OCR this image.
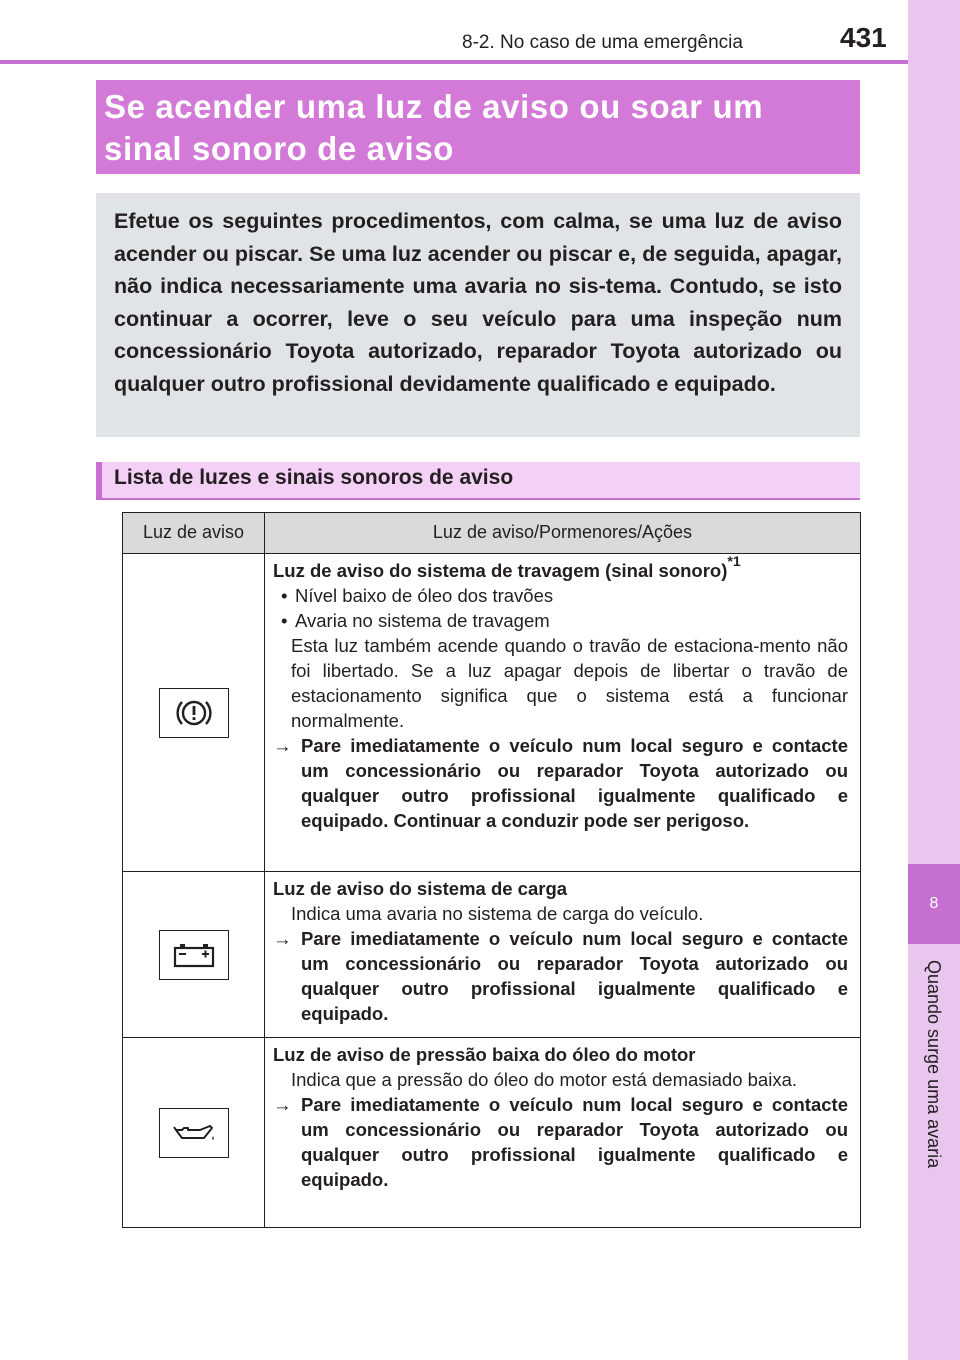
8-2. No caso de uma emergência	431
8
Quando surge uma avaria
Se acender uma luz de aviso ou soar um sinal sonoro de aviso

Efetue os seguintes procedimentos, com calma, se uma luz de aviso acender ou piscar. Se uma luz acender ou piscar e, de seguida, apagar, não indica necessariamente uma avaria no sis-tema. Contudo, se isto continuar a ocorrer, leve o seu veículo para uma inspeção num concessionário Toyota autorizado, reparador Toyota autorizado ou qualquer outro profissional devidamente qualificado e equipado.

Lista de luzes e sinais sonoros de aviso
Luz de aviso	Luz de aviso/Pormenores/Ações
Luz de aviso do sistema de travagem (sinal sonoro)$^{*1}$
• Nível baixo de óleo dos travões
• Avaria no sistema de travagem
Esta luz também acende quando o travão de estaciona-mento não foi libertado. Se a luz apagar depois de libertar o travão de estacionamento significa que o sistema está a funcionar normalmente.
→ Pare imediatamente o veículo num local seguro e contacte um concessionário ou reparador Toyota autorizado ou qualquer outro profissional igualmente qualificado e equipado. Continuar a conduzir pode ser perigoso.
Luz de aviso do sistema de carga
Indica uma avaria no sistema de carga do veículo.
→ Pare imediatamente o veículo num local seguro e contacte um concessionário ou reparador Toyota autorizado ou qualquer outro profissional igualmente qualificado e equipado.
Luz de aviso de pressão baixa do óleo do motor
Indica que a pressão do óleo do motor está demasiado baixa.
→ Pare imediatamente o veículo num local seguro e contacte um concessionário ou reparador Toyota autorizado ou qualquer outro profissional igualmente qualificado e equipado.
